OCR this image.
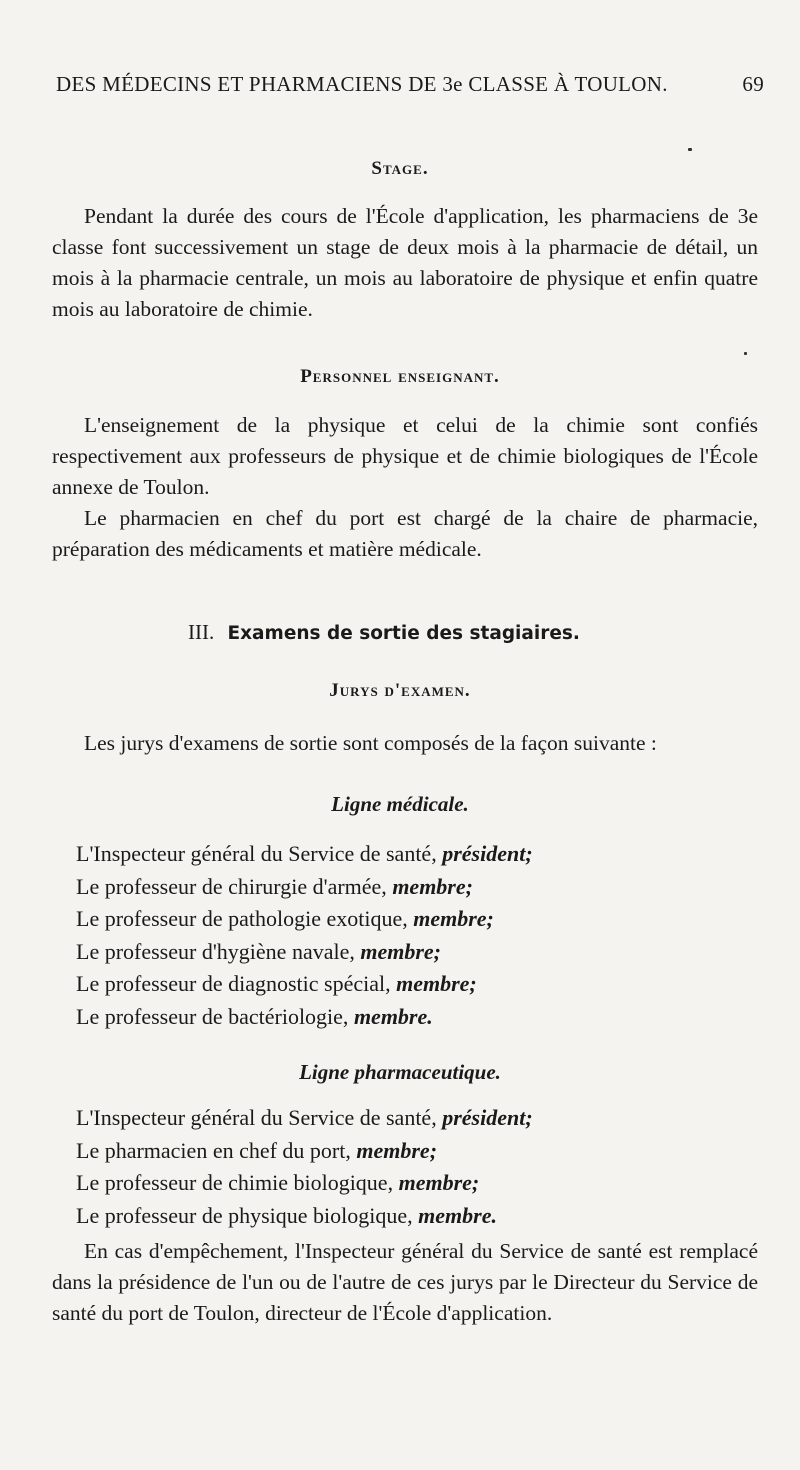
DES MÉDECINS ET PHARMACIENS DE 3e CLASSE À TOULON.	69
Stage.
Pendant la durée des cours de l'École d'application, les pharmaciens de 3e classe font successivement un stage de deux mois à la pharmacie de détail, un mois à la pharmacie centrale, un mois au laboratoire de physique et enfin quatre mois au laboratoire de chimie.
Personnel enseignant.
L'enseignement de la physique et celui de la chimie sont confiés respectivement aux professeurs de physique et de chimie biologiques de l'École annexe de Toulon.
Le pharmacien en chef du port est chargé de la chaire de pharmacie, préparation des médicaments et matière médicale.
III. Examens de sortie des stagiaires.
Jurys d'examen.
Les jurys d'examens de sortie sont composés de la façon suivante :
Ligne médicale.
L'Inspecteur général du Service de santé, président;
Le professeur de chirurgie d'armée, membre;
Le professeur de pathologie exotique, membre;
Le professeur d'hygiène navale, membre;
Le professeur de diagnostic spécial, membre;
Le professeur de bactériologie, membre.
Ligne pharmaceutique.
L'Inspecteur général du Service de santé, président;
Le pharmacien en chef du port, membre;
Le professeur de chimie biologique, membre;
Le professeur de physique biologique, membre.
En cas d'empêchement, l'Inspecteur général du Service de santé est remplacé dans la présidence de l'un ou de l'autre de ces jurys par le Directeur du Service de santé du port de Toulon, directeur de l'École d'application.
